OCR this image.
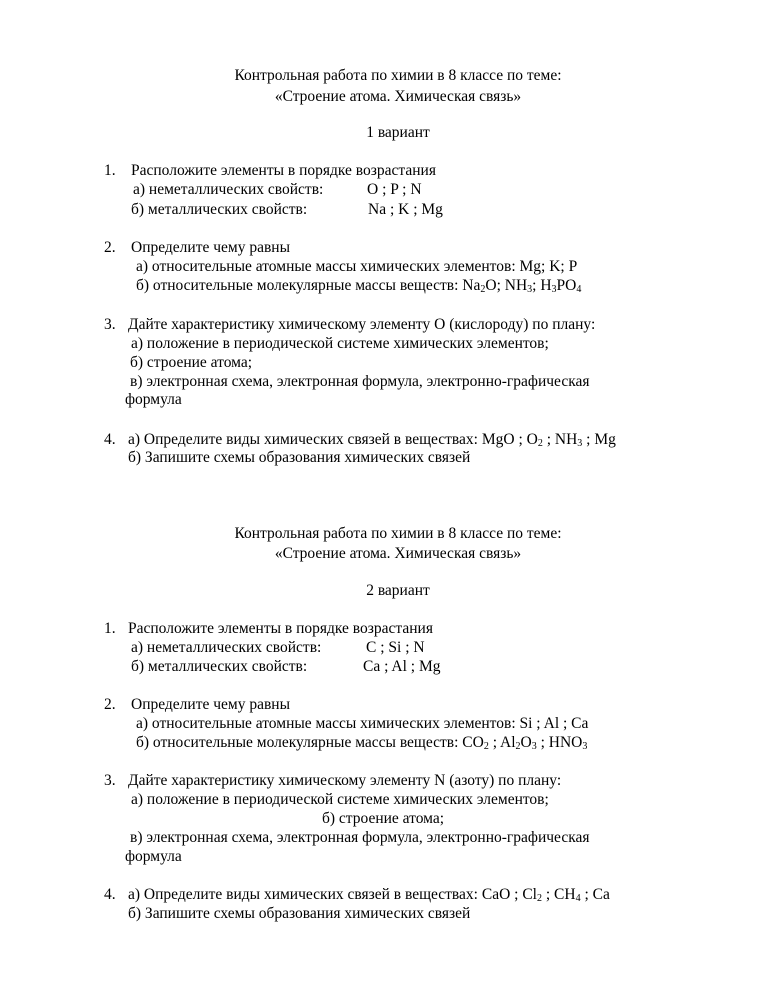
Контрольная работа по химии в 8 классе по теме:
«Строение атома. Химическая связь»
1 вариант
1. Расположите элементы в порядке возрастания
а) неметаллических свойств:	O ; P ; N
б) металлических свойств:	Na ; K ; Mg
2. Определите чему равны
а) относительные атомные массы химических элементов: Mg; K; P
б) относительные молекулярные массы веществ: $Na_2O$; $NH_3$; $H_3PO_4$
3. Дайте характеристику химическому элементу О (кислороду) по плану:
а) положение в периодической системе химических элементов;
б) строение атома;
в) электронная схема, электронная формула, электронно-графическая
формула
4. а) Определите виды химических связей в веществах: MgO ; $O_2$ ; $NH_3$ ; Mg
б) Запишите схемы образования химических связей
Контрольная работа по химии в 8 классе по теме:
«Строение атома. Химическая связь»
2 вариант
1. Расположите элементы в порядке возрастания
а) неметаллических свойств:	C ; Si ; N
б) металлических свойств:	Ca ; Al ; Mg
2. Определите чему равны
а) относительные атомные массы химических элементов: Si ; Al ; Ca
б) относительные молекулярные массы веществ: $CO_2$ ; $Al_2O_3$ ; $HNO_3$
3. Дайте характеристику химическому элементу N (азоту) по плану:
а) положение в периодической системе химических элементов;
б) строение атома;
в) электронная схема, электронная формула, электронно-графическая
формула
4. а) Определите виды химических связей в веществах: CaO ; $Cl_2$ ; $CH_4$ ; Ca
б) Запишите схемы образования химических связей
